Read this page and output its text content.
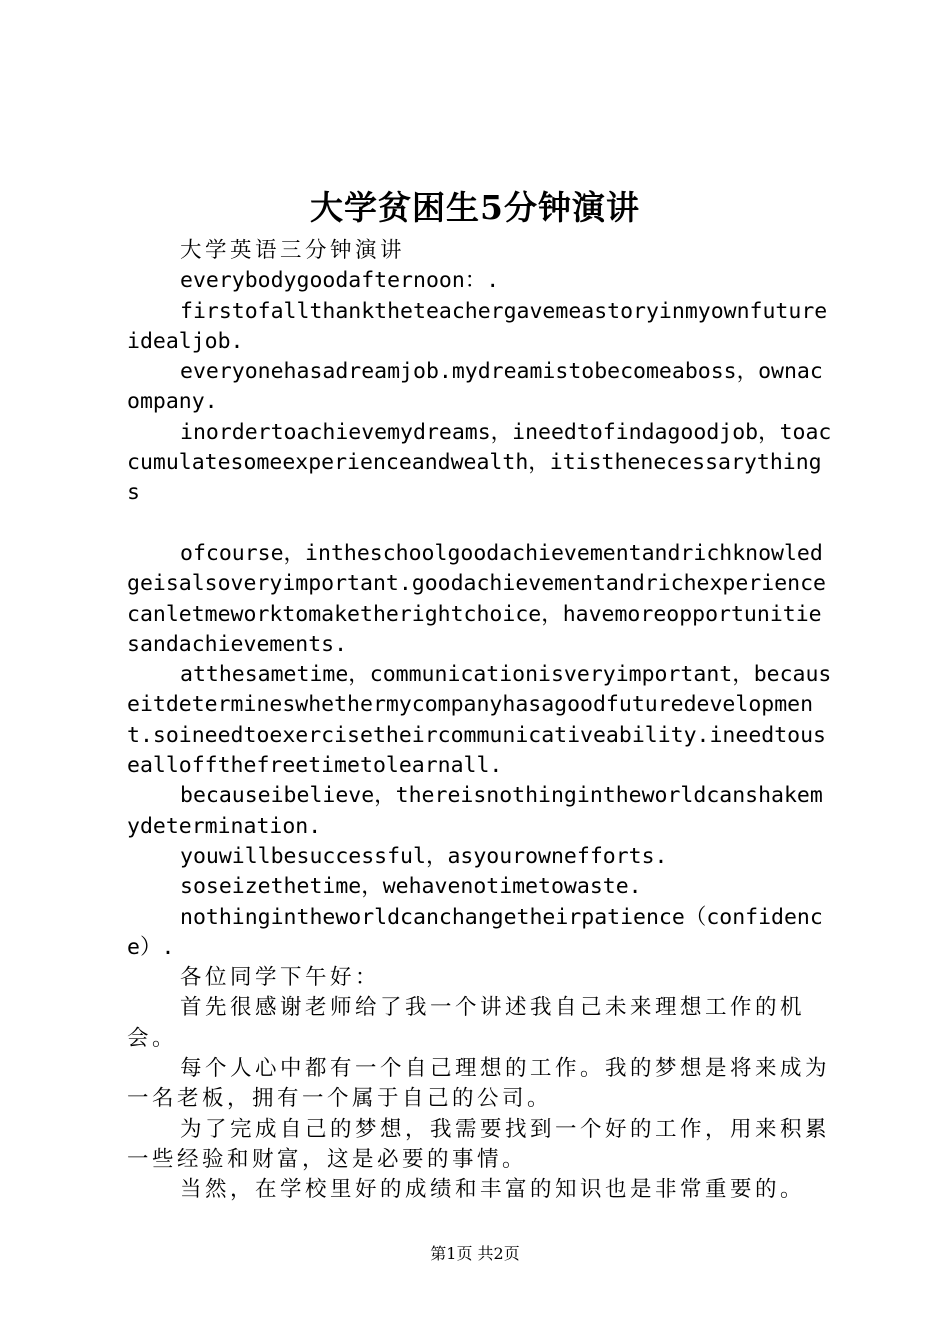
大学贫困生5分钟演讲

大学英语三分钟演讲

everybodygoodafternoon：.

firstofallthanktheteachergavemeastoryinmyownfutureidealjob.

everyonehasadreamjob.mydreamistobecomeaboss，ownacompany.

inordertoachievemydreams，ineedtofindagoodjob，toaccumulatesomeexperienceandwealth，itisthenecessarythings

ofcourse，intheschoolgoodachievementandrichknowledgeisalsoveryimportant.goodachievementandrichexperiencecanletmeworktomaketherightchoice，havemoreopportunitiesandachievements.

atthesametime，communicationisveryimportant，becauseitdetermineswhethermycompanyhasagoodfuturedevelopment.soineedtoexercisetheircommunicativeability.ineedtousealloffthefreetimetolearnall.

becauseibelieve，thereisnothingintheworldcanshakemydetermination.

youwillbesuccessful，asyourownefforts.

soseizethetime，wehavenotimetowaste.

nothingintheworldcanchangetheirpatience（confidence）.

各位同学下午好：

首先很感谢老师给了我一个讲述我自己未来理想工作的机会。

每个人心中都有一个自己理想的工作。我的梦想是将来成为一名老板，拥有一个属于自己的公司。

为了完成自己的梦想，我需要找到一个好的工作，用来积累一些经验和财富，这是必要的事情。

当然，在学校里好的成绩和丰富的知识也是非常重要的。

第1页 共2页
